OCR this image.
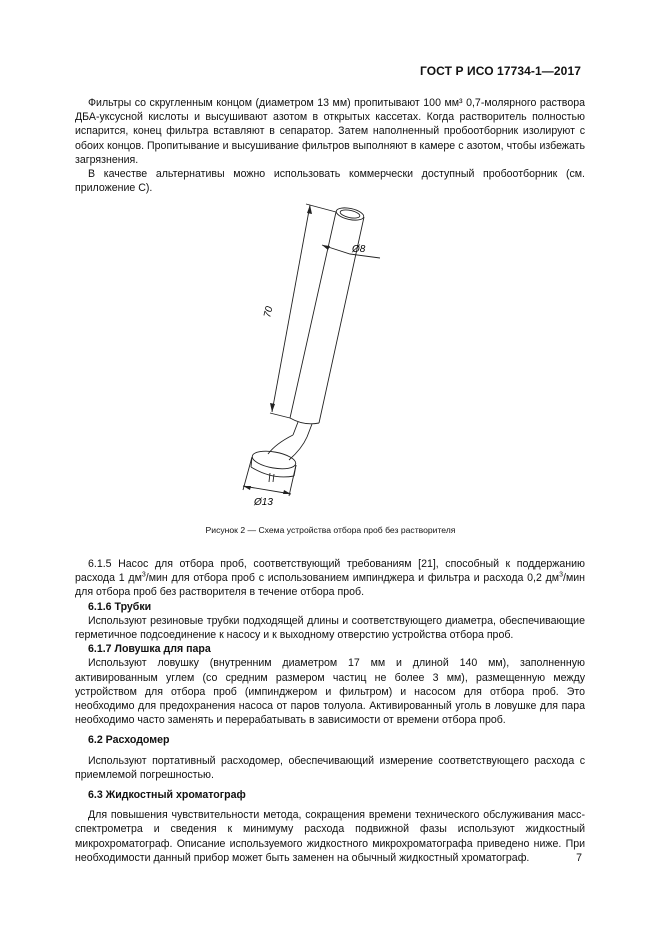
ГОСТ Р ИСО 17734-1—2017

Фильтры со скругленным концом (диаметром 13 мм) пропитывают 100 мм³ 0,7-молярного раствора ДБА-уксусной кислоты и высушивают азотом в открытых кассетах. Когда растворитель полностью испарится, конец фильтра вставляют в сепаратор. Затем наполненный пробоотборник изолируют с обоих концов. Пропитывание и высушивание фильтров выполняют в камере с азотом, чтобы избежать загрязнения.

В качестве альтернативы можно использовать коммерчески доступный пробоотборник (см. приложение С).

70
Ø8
Ø13
Рисунок 2 — Схема устройства отбора проб без растворителя

6.1.5 Насос для отбора проб, соответствующий требованиям [21], способный к поддержанию расхода 1 $дм^3$/мин для отбора проб с использованием импинджера и фильтра и расхода 0,2 $дм^3$/мин для отбора проб без растворителя в течение отбора проб.

6.1.6 Трубки

Используют резиновые трубки подходящей длины и соответствующего диаметра, обеспечивающие герметичное подсоединение к насосу и к выходному отверстию устройства отбора проб.

6.1.7 Ловушка для пара

Используют ловушку (внутренним диаметром 17 мм и длиной 140 мм), заполненную активированным углем (со средним размером частиц не более 3 мм), размещенную между устройством для отбора проб (импинджером и фильтром) и насосом для отбора проб. Это необходимо для предохранения насоса от паров толуола. Активированный уголь в ловушке для пара необходимо часто заменять и перерабатывать в зависимости от времени отбора проб.

6.2 Расходомер

Используют портативный расходомер, обеспечивающий измерение соответствующего расхода с приемлемой погрешностью.

6.3 Жидкостный хроматограф

Для повышения чувствительности метода, сокращения времени технического обслуживания масс-спектрометра и сведения к минимуму расхода подвижной фазы используют жидкостный микрохроматограф. Описание используемого жидкостного микрохроматографа приведено ниже. При необходимости данный прибор может быть заменен на обычный жидкостный хроматограф.	7
